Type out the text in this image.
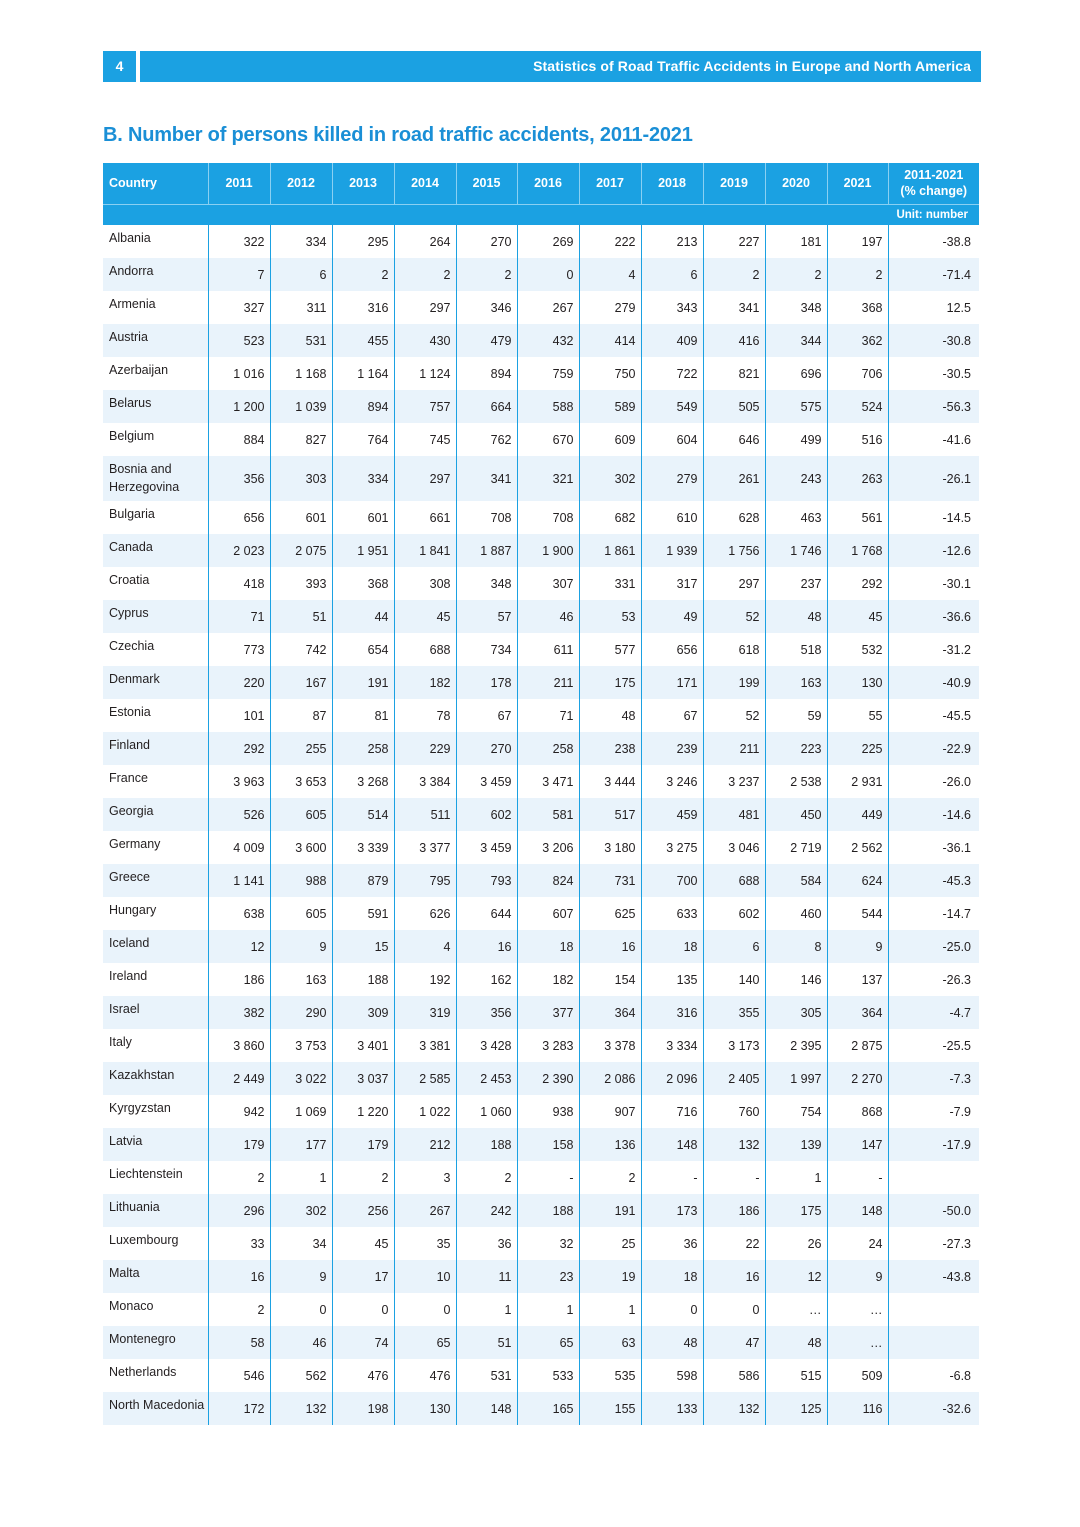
4	Statistics of Road Traffic Accidents in Europe and North America
B. Number of persons killed in road traffic accidents, 2011-2021
Country	2011	2012	2013	2014	2015	2016	2017	2018	2019	2020	2021	2011-2021
(% change)

Unit: number												
Albania	322	334	295	264	270	269	222	213	227	181	197	-38.8
Andorra	7	6	2	2	2	0	4	6	2	2	2	-71.4
Armenia	327	311	316	297	346	267	279	343	341	348	368	12.5
Austria	523	531	455	430	479	432	414	409	416	344	362	-30.8
Azerbaijan	1 016	1 168	1 164	1 124	894	759	750	722	821	696	706	-30.5
Belarus	1 200	1 039	894	757	664	588	589	549	505	575	524	-56.3
Belgium	884	827	764	745	762	670	609	604	646	499	516	-41.6
Bosnia and Herzegovina	356	303	334	297	341	321	302	279	261	243	263	-26.1
Bulgaria	656	601	601	661	708	708	682	610	628	463	561	-14.5
Canada	2 023	2 075	1 951	1 841	1 887	1 900	1 861	1 939	1 756	1 746	1 768	-12.6
Croatia	418	393	368	308	348	307	331	317	297	237	292	-30.1
Cyprus	71	51	44	45	57	46	53	49	52	48	45	-36.6
Czechia	773	742	654	688	734	611	577	656	618	518	532	-31.2
Denmark	220	167	191	182	178	211	175	171	199	163	130	-40.9
Estonia	101	87	81	78	67	71	48	67	52	59	55	-45.5
Finland	292	255	258	229	270	258	238	239	211	223	225	-22.9
France	3 963	3 653	3 268	3 384	3 459	3 471	3 444	3 246	3 237	2 538	2 931	-26.0
Georgia	526	605	514	511	602	581	517	459	481	450	449	-14.6
Germany	4 009	3 600	3 339	3 377	3 459	3 206	3 180	3 275	3 046	2 719	2 562	-36.1
Greece	1 141	988	879	795	793	824	731	700	688	584	624	-45.3
Hungary	638	605	591	626	644	607	625	633	602	460	544	-14.7
Iceland	12	9	15	4	16	18	16	18	6	8	9	-25.0
Ireland	186	163	188	192	162	182	154	135	140	146	137	-26.3
Israel	382	290	309	319	356	377	364	316	355	305	364	-4.7
Italy	3 860	3 753	3 401	3 381	3 428	3 283	3 378	3 334	3 173	2 395	2 875	-25.5
Kazakhstan	2 449	3 022	3 037	2 585	2 453	2 390	2 086	2 096	2 405	1 997	2 270	-7.3
Kyrgyzstan	942	1 069	1 220	1 022	1 060	938	907	716	760	754	868	-7.9
Latvia	179	177	179	212	188	158	136	148	132	139	147	-17.9
Liechtenstein	2	1	2	3	2	-	2	-	-	1	-	
Lithuania	296	302	256	267	242	188	191	173	186	175	148	-50.0
Luxembourg	33	34	45	35	36	32	25	36	22	26	24	-27.3
Malta	16	9	17	10	11	23	19	18	16	12	9	-43.8
Monaco	2	0	0	0	1	1	1	0	0	…	…	
Montenegro	58	46	74	65	51	65	63	48	47	48	…	
Netherlands	546	562	476	476	531	533	535	598	586	515	509	-6.8
North Macedonia	172	132	198	130	148	165	155	133	132	125	116	-32.6
